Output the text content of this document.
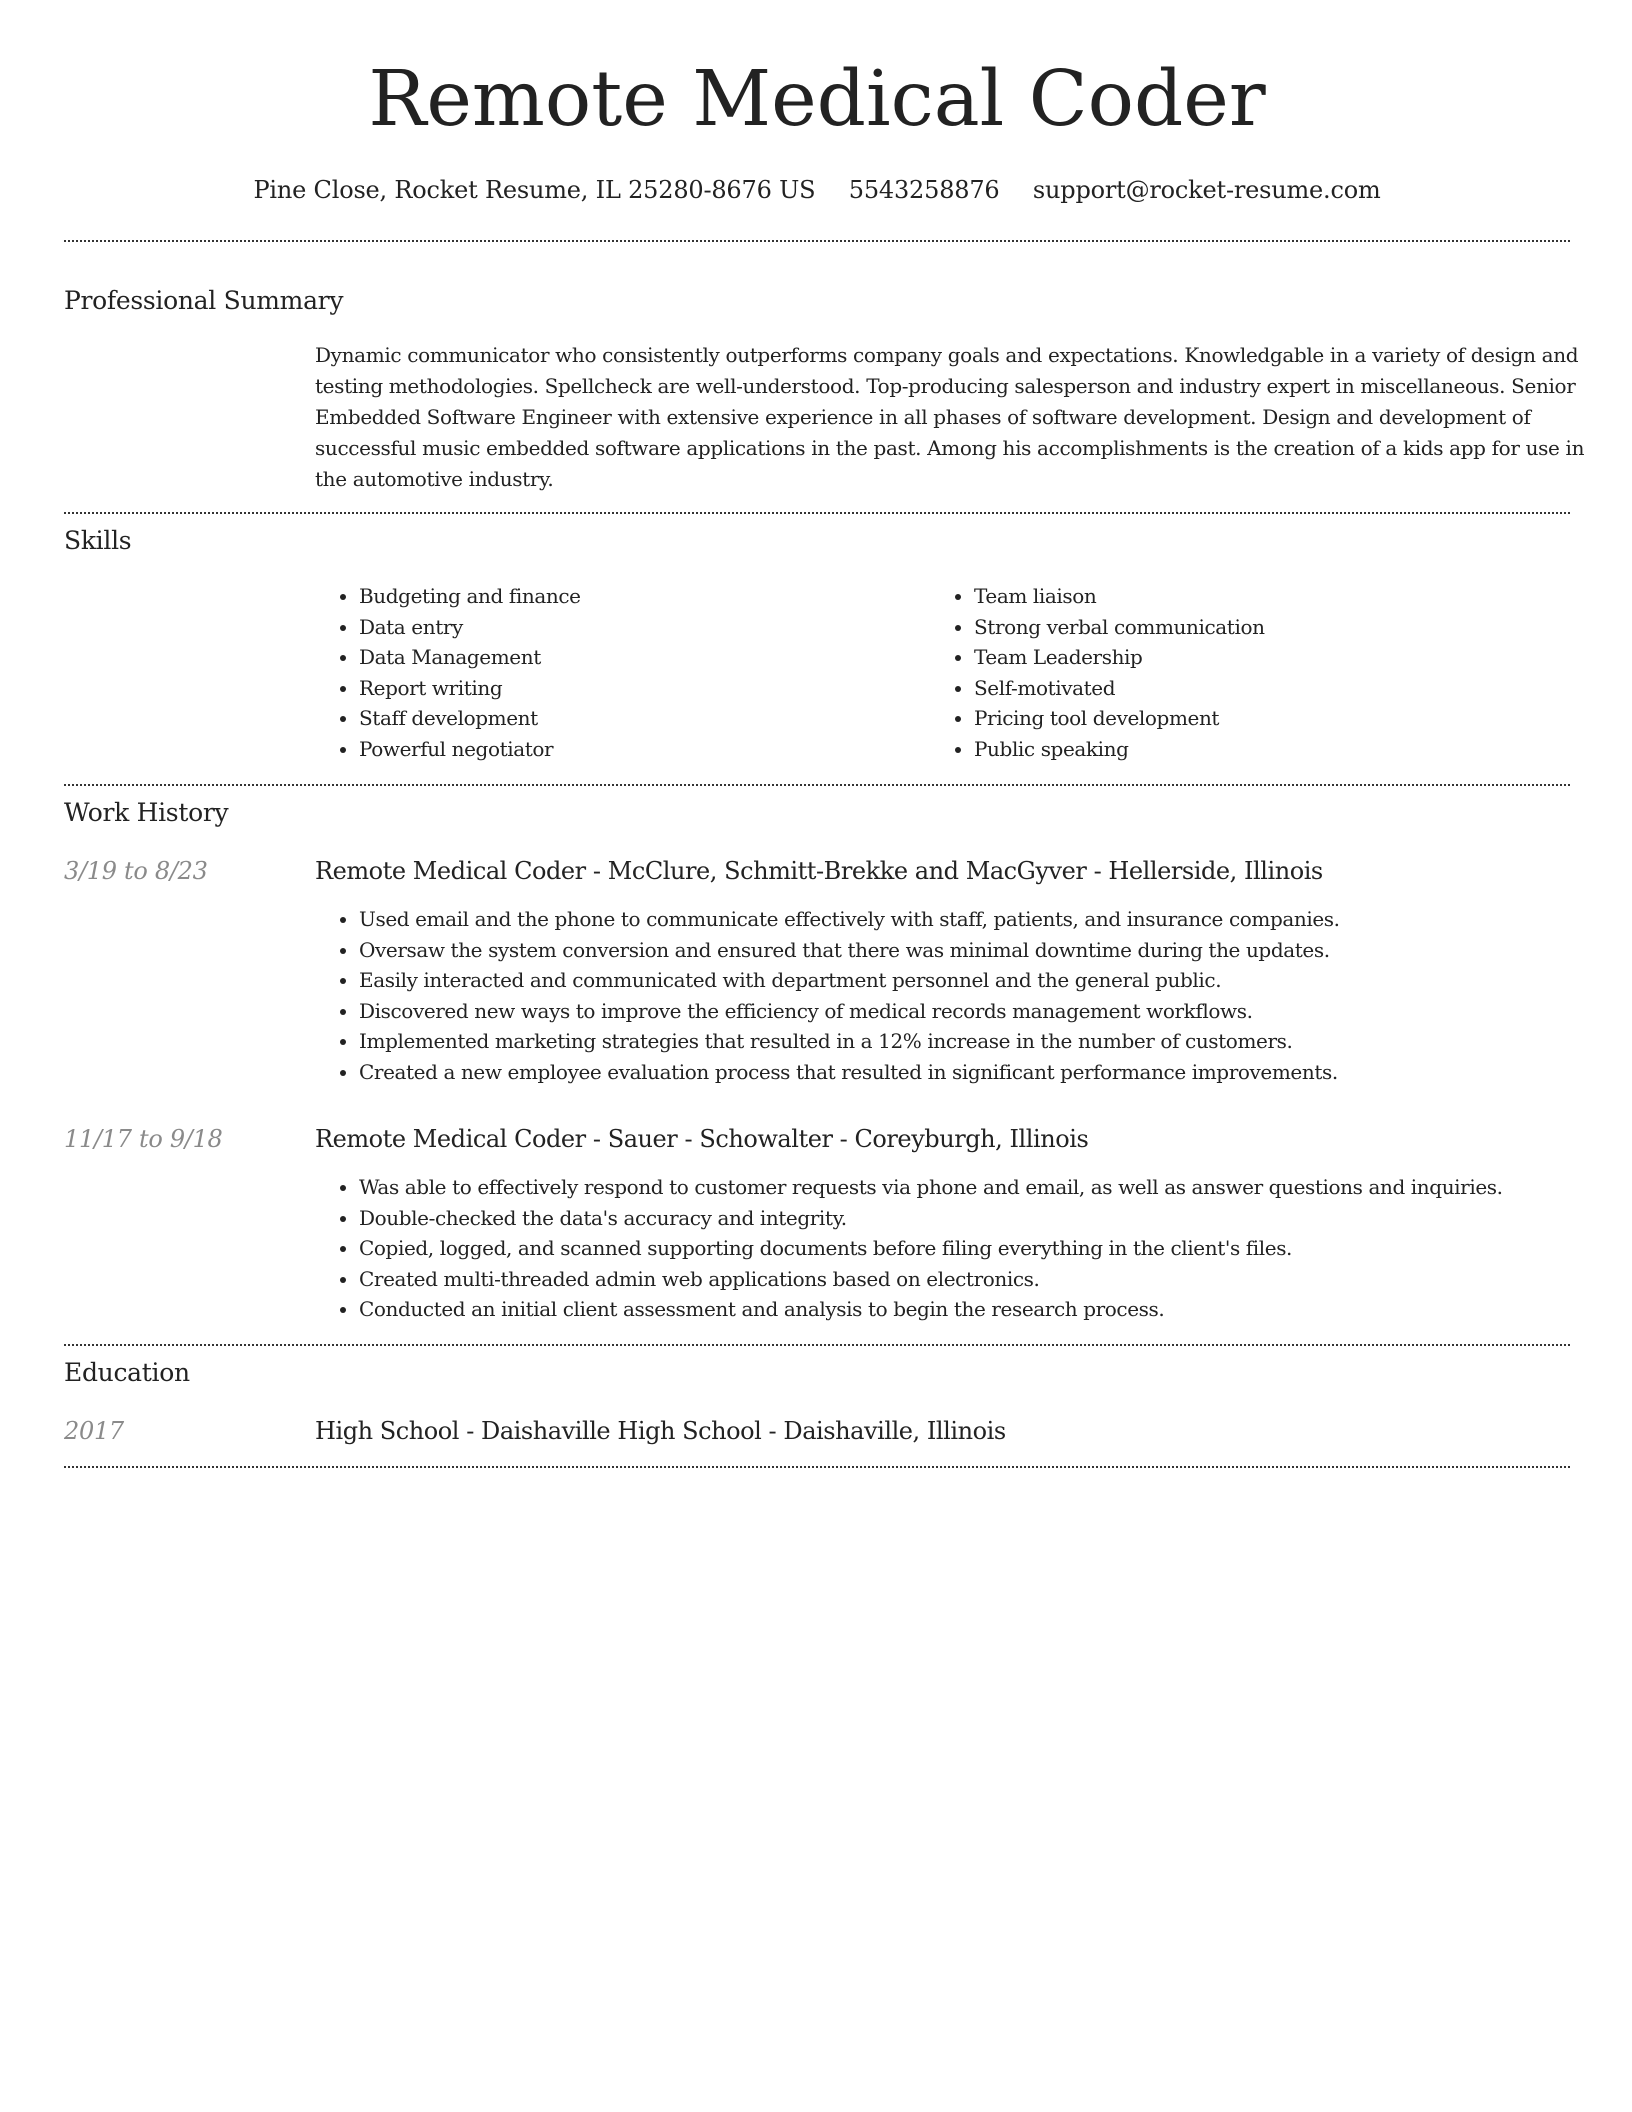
Remote Medical Coder
Pine Close, Rocket Resume, IL 25280-8676 US 5543258876 support@rocket-resume.com
Professional Summary
Dynamic communicator who consistently outperforms company goals and expectations. Knowledgable in a variety of design and testing methodologies. Spellcheck are well-understood. Top-producing salesperson and industry expert in miscellaneous. Senior Embedded Software Engineer with extensive experience in all phases of software development. Design and development of successful music embedded software applications in the past. Among his accomplishments is the creation of a kids app for use in the automotive industry.
Skills
• Budgeting and finance
• Data entry
• Data Management
• Report writing
• Staff development
• Powerful negotiator
• Team liaison
• Strong verbal communication
• Team Leadership
• Self-motivated
• Pricing tool development
• Public speaking
Work History
3/19 to 8/23	Remote Medical Coder - McClure, Schmitt-Brekke and MacGyver - Hellerside, Illinois
• Used email and the phone to communicate effectively with staff, patients, and insurance companies.
• Oversaw the system conversion and ensured that there was minimal downtime during the updates.
• Easily interacted and communicated with department personnel and the general public.
• Discovered new ways to improve the efficiency of medical records management workflows.
• Implemented marketing strategies that resulted in a 12% increase in the number of customers.
• Created a new employee evaluation process that resulted in significant performance improvements.
11/17 to 9/18	Remote Medical Coder - Sauer - Schowalter - Coreyburgh, Illinois
• Was able to effectively respond to customer requests via phone and email, as well as answer questions and inquiries.
• Double-checked the data's accuracy and integrity.
• Copied, logged, and scanned supporting documents before filing everything in the client's files.
• Created multi-threaded admin web applications based on electronics.
• Conducted an initial client assessment and analysis to begin the research process.
Education
2017	High School - Daishaville High School - Daishaville, Illinois
